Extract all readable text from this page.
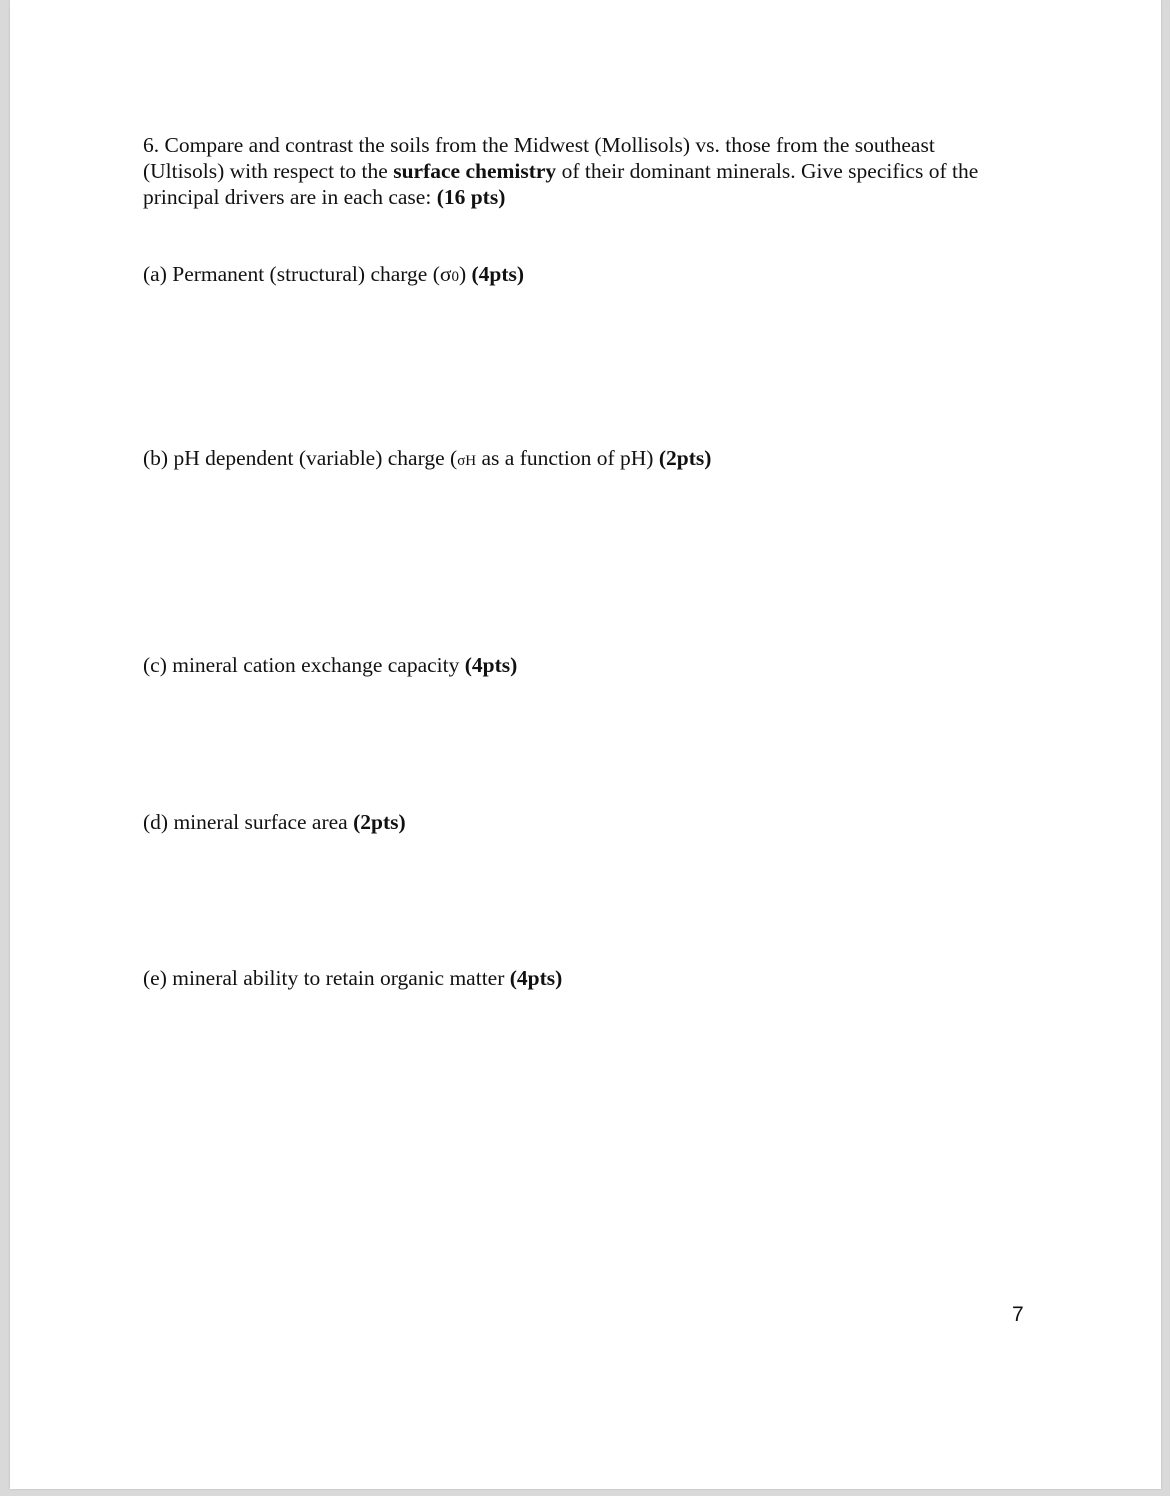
6. Compare and contrast the soils from the Midwest (Mollisols) vs. those from the southeast
(Ultisols) with respect to the surface chemistry of their dominant minerals. Give specifics of the
principal drivers are in each case: (16 pts)
(a) Permanent (structural) charge (σ0) (4pts)
(b) pH dependent (variable) charge (σH as a function of pH) (2pts)
(c) mineral cation exchange capacity (4pts)
(d) mineral surface area (2pts)
(e) mineral ability to retain organic matter (4pts)
7
